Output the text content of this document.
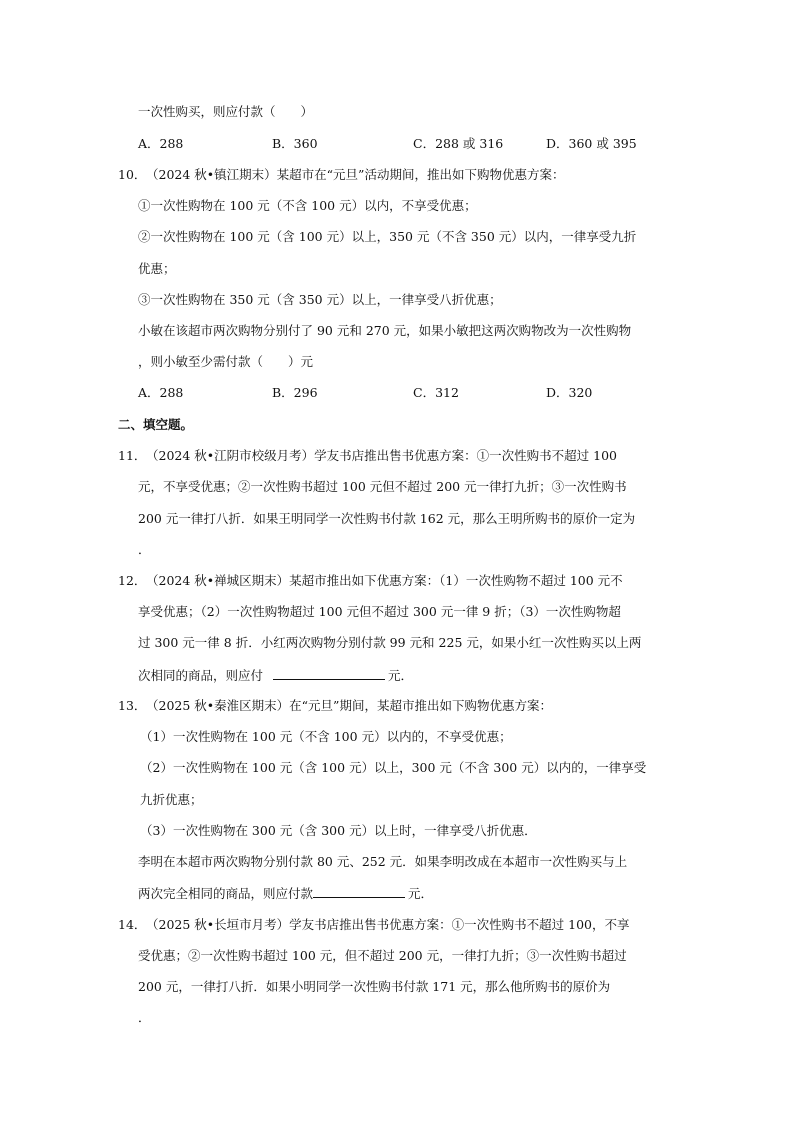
一次性购买，则应付款（　　）
A．288	B．360	C．288 或 316	D．360 或 395
10． （2024 秋•镇江期末）某超市在“元旦”活动期间，推出如下购物优惠方案：
①一次性购物在 100 元（不含 100 元）以内，不享受优惠；
②一次性购物在 100 元（含 100 元）以上，350 元（不含 350 元）以内，一律享受九折
优惠；
③一次性购物在 350 元（含 350 元）以上，一律享受八折优惠；
小敏在该超市两次购物分别付了 90 元和 270 元，如果小敏把这两次购物改为一次性购物
，则小敏至少需付款（　　）元
A．288	B．296	C．312	D．320
二、填空题。
11． （2024 秋•江阴市校级月考）学友书店推出售书优惠方案：①一次性购书不超过 100
元，不享受优惠；②一次性购书超过 100 元但不超过 200 元一律打九折；③一次性购书
200 元一律打八折．如果王明同学一次性购书付款 162 元，那么王明所购书的原价一定为
．
12． （2024 秋•禅城区期末）某超市推出如下优惠方案：（1）一次性购物不超过 100 元不
享受优惠；（2）一次性购物超过 100 元但不超过 300 元一律 9 折；（3）一次性购物超
过 300 元一律 8 折．小红两次购物分别付款 99 元和 225 元，如果小红一次性购买以上两
次相同的商品，则应付	元．
13． （2025 秋•秦淮区期末）在“元旦”期间，某超市推出如下购物优惠方案：
（1）一次性购物在 100 元（不含 100 元）以内的，不享受优惠；
（2）一次性购物在 100 元（含 100 元）以上，300 元（不含 300 元）以内的，一律享受
九折优惠；
（3）一次性购物在 300 元（含 300 元）以上时，一律享受八折优惠．
李明在本超市两次购物分别付款 80 元、252 元．如果李明改成在本超市一次性购买与上
两次完全相同的商品，则应付款	元．
14． （2025 秋•长垣市月考）学友书店推出售书优惠方案：①一次性购书不超过 100，不享
受优惠；②一次性购书超过 100 元，但不超过 200 元，一律打九折；③一次性购书超过
200 元，一律打八折．如果小明同学一次性购书付款 171 元，那么他所购书的原价为
．
